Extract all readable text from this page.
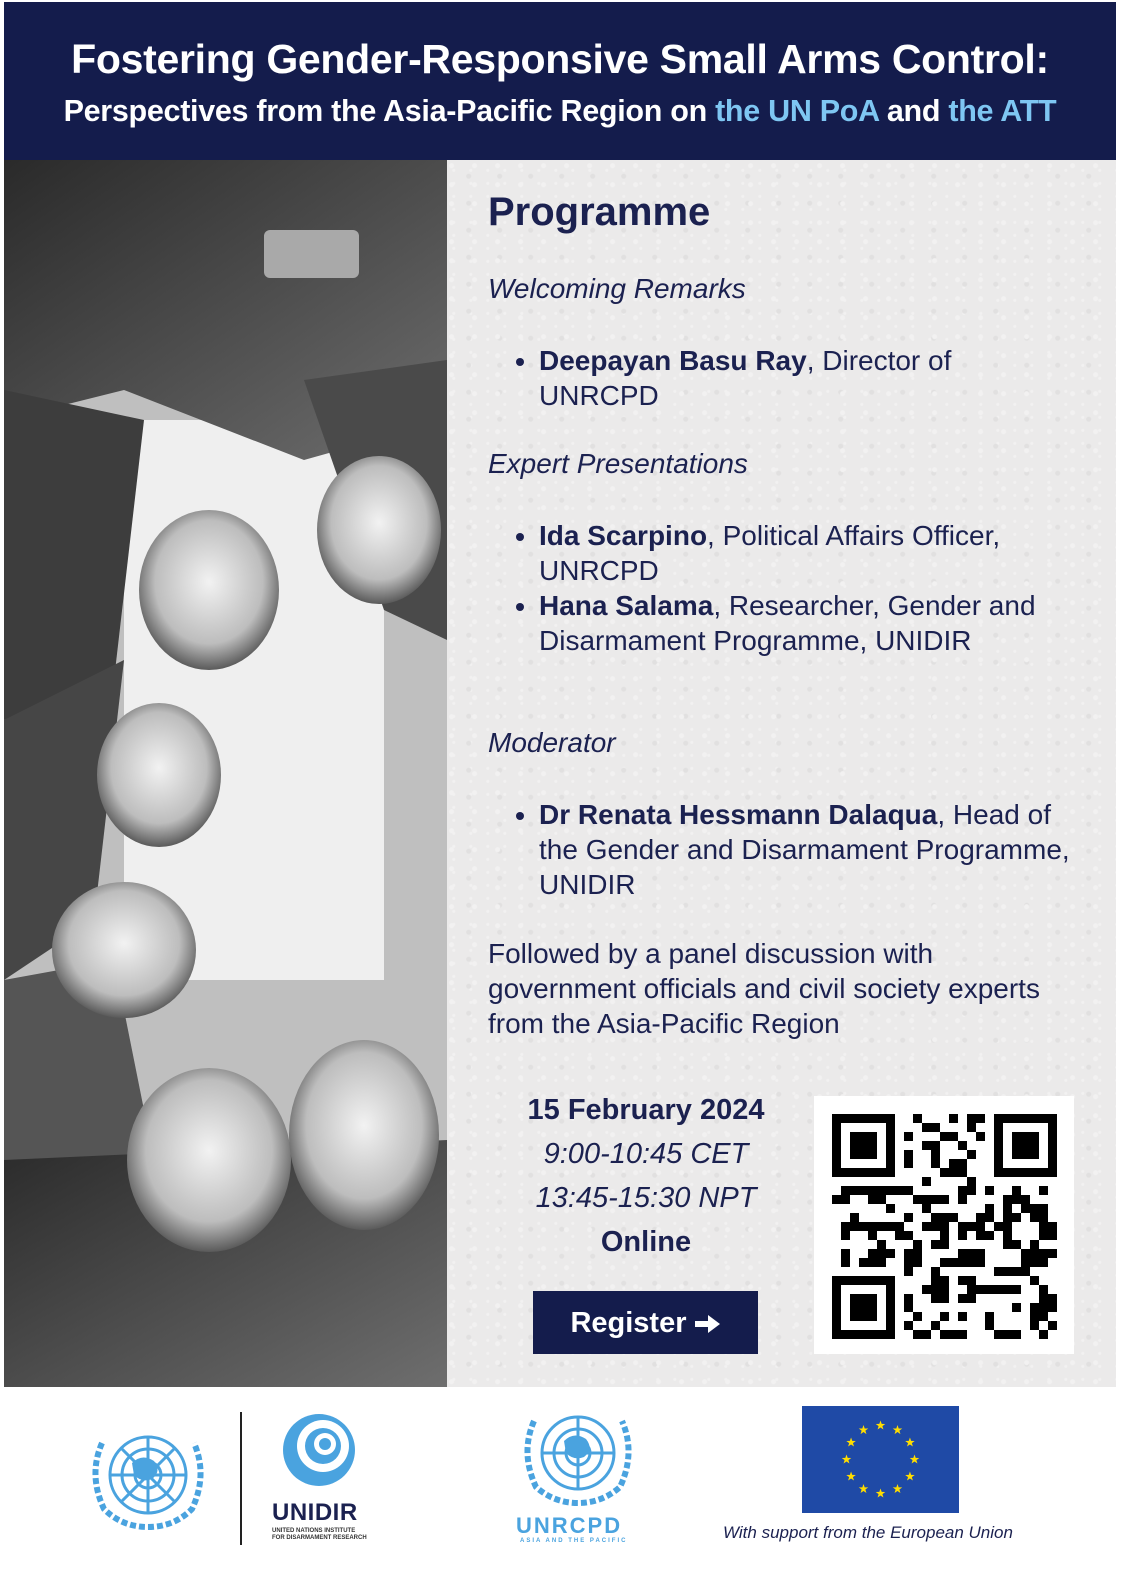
Fostering Gender-Responsive Small Arms Control:
Perspectives from the Asia-Pacific Region on the UN PoA and the ATT
Programme
Welcoming Remarks
• Deepayan Basu Ray, Director of UNRCPD
Expert Presentations
• Ida Scarpino, Political Affairs Officer, UNRCPD
• Hana Salama, Researcher, Gender and Disarmament Programme, UNIDIR
Moderator
• Dr Renata Hessmann Dalaqua, Head of the Gender and Disarmament Programme, UNIDIR
Followed by a panel discussion with government officials and civil society experts from the Asia-Pacific Region
15 February 2024
9:00-10:45 CET
13:45-15:30 NPT
Online
Register
UNIDIR
UNITED NATIONS INSTITUTE
FOR DISARMAMENT RESEARCH	UNRCPD
ASIA AND THE PACIFIC	With support from the European Union
